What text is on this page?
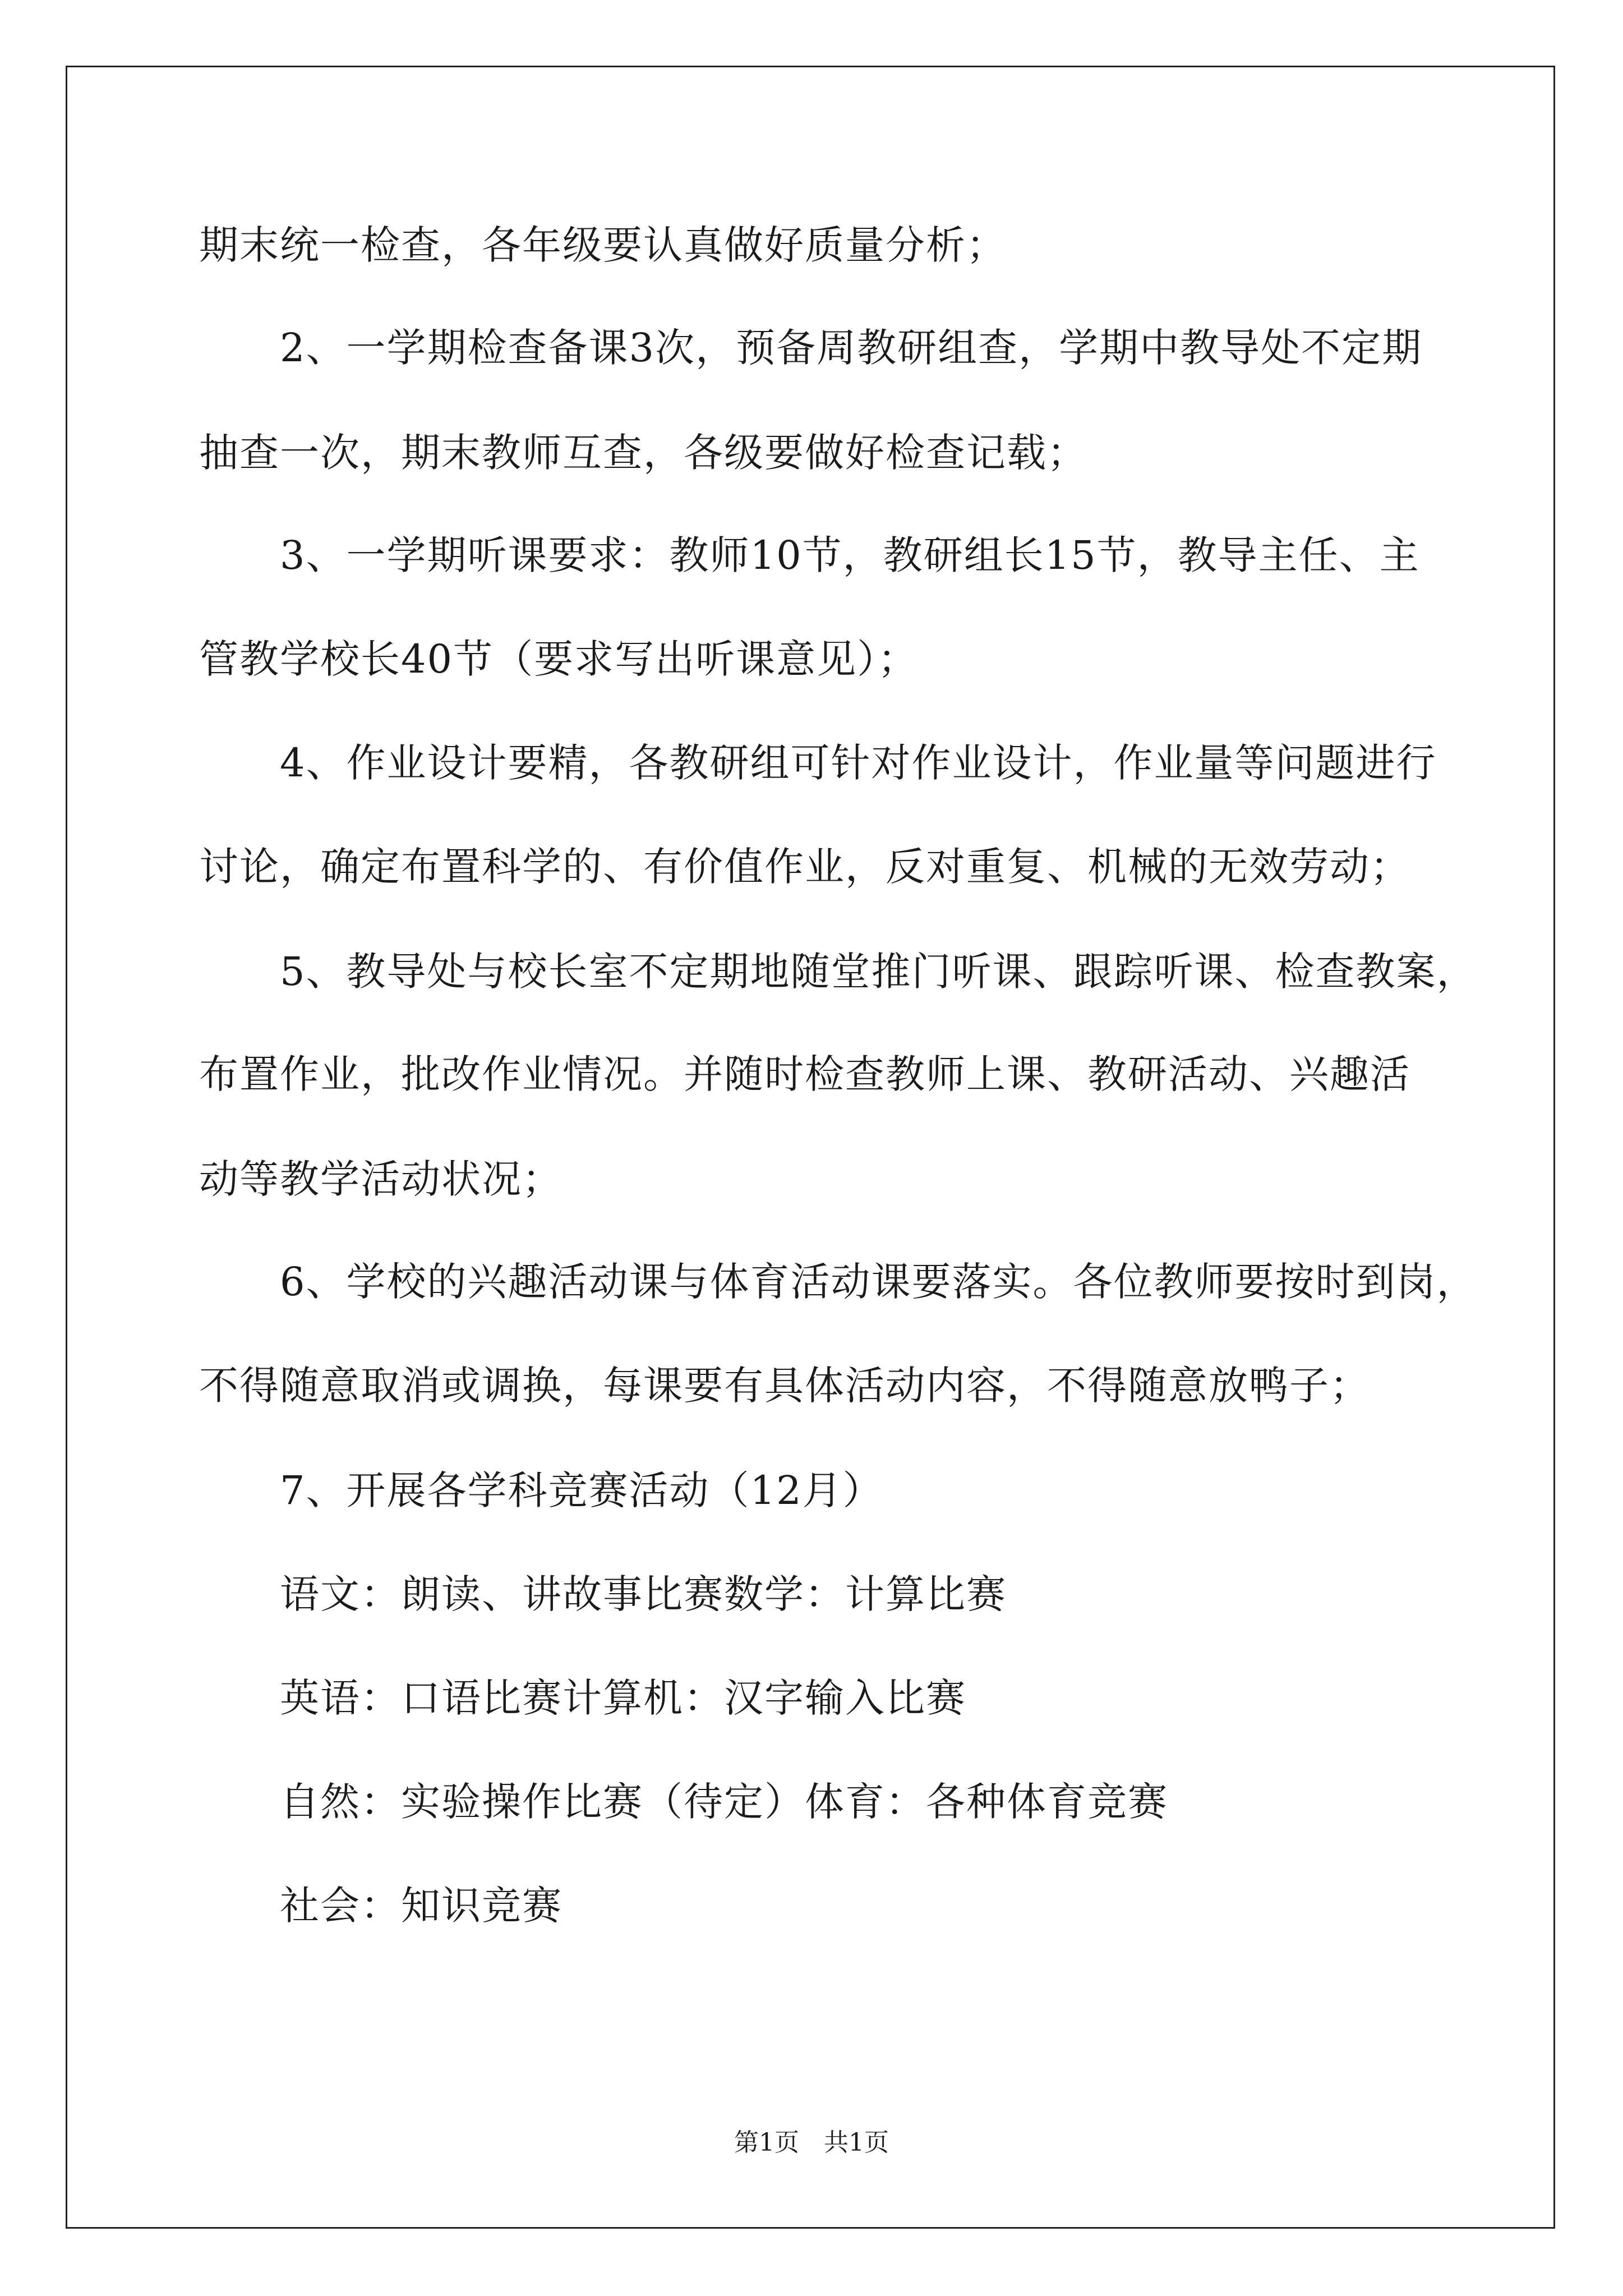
期末统一检查，各年级要认真做好质量分析；
　　2、一学期检查备课3次，预备周教研组查，学期中教导处不定期
抽查一次，期末教师互查，各级要做好检查记载；
　　3、一学期听课要求：教师10节，教研组长15节，教导主任、主
管教学校长40节（要求写出听课意见）；
　　4、作业设计要精，各教研组可针对作业设计，作业量等问题进行
讨论，确定布置科学的、有价值作业，反对重复、机械的无效劳动；
　　5、教导处与校长室不定期地随堂推门听课、跟踪听课、检查教案，
布置作业，批改作业情况。并随时检查教师上课、教研活动、兴趣活
动等教学活动状况；
　　6、学校的兴趣活动课与体育活动课要落实。各位教师要按时到岗，
不得随意取消或调换，每课要有具体活动内容，不得随意放鸭子；
　　7、开展各学科竞赛活动（12月）
　　语文：朗读、讲故事比赛数学：计算比赛
　　英语：口语比赛计算机：汉字输入比赛
　　自然：实验操作比赛（待定）体育：各种体育竞赛
　　社会：知识竞赛
第1页　共1页
